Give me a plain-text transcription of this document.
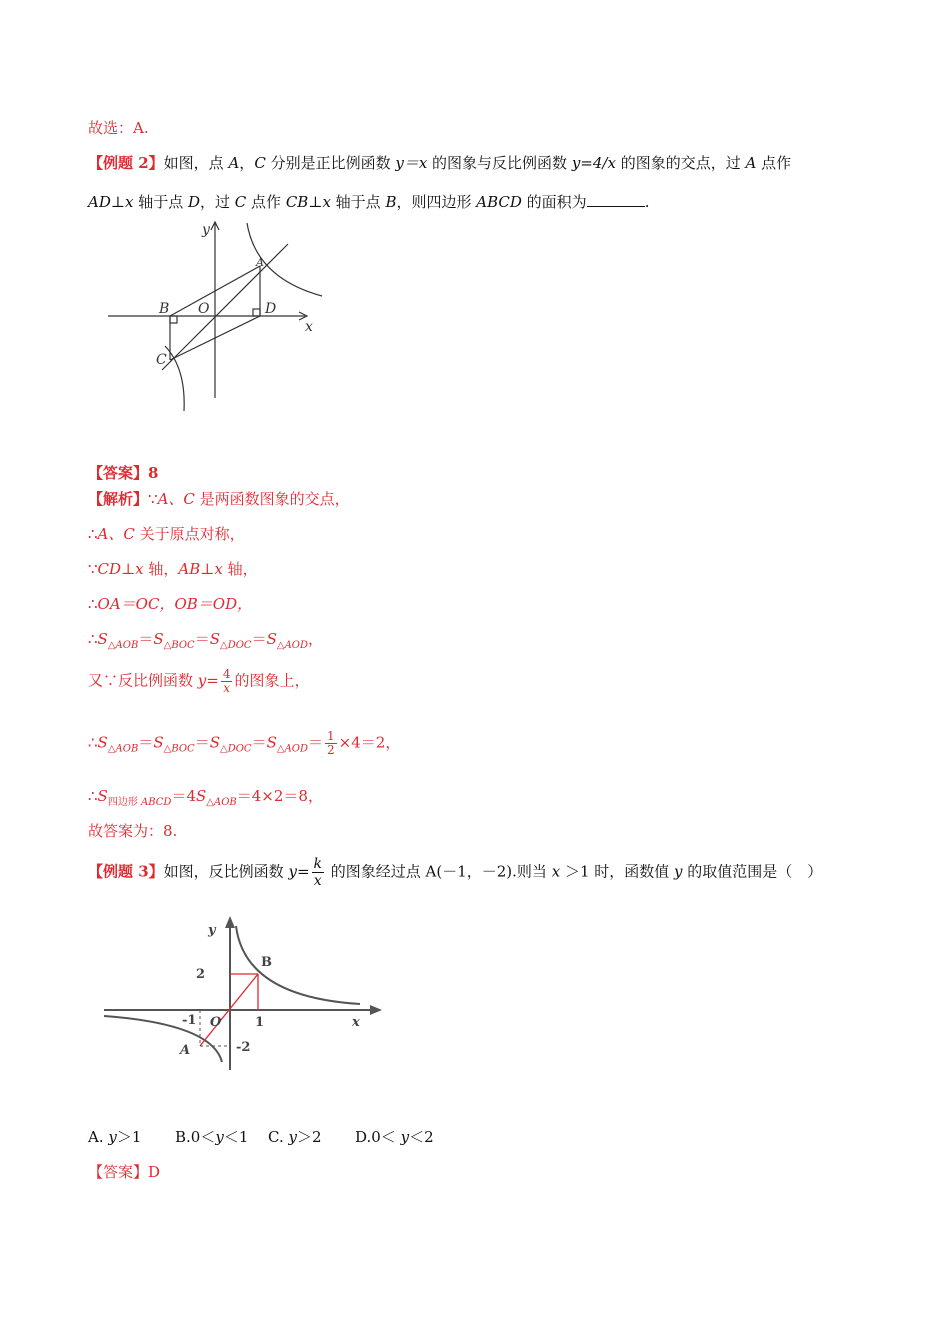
故选：A.
【例题 2】如图，点 A，C 分别是正比例函数 y＝x 的图象与反比例函数 y=4/x 的图象的交点，过 A 点作
AD⊥x 轴于点 D，过 C 点作 CB⊥x 轴于点 B，则四边形 ABCD 的面积为	.
y
x
O
A
B
C
D
【答案】8
【解析】∵A、C 是两函数图象的交点，
∴A、C 关于原点对称，
∵CD⊥x 轴，AB⊥x 轴，
∴OA＝OC，OB＝OD，
$\therefore S_{\triangle AOB}=S_{\triangle BOC}=S_{\triangle DOC}=S_{\triangle AOD}$，
又∵反比例函数 $y= \frac{4}{x}$ 的图象上，
$\therefore S_{\triangle AOB}=S_{\triangle BOC}=S_{\triangle DOC}=S_{\triangle AOD}= \frac{1}{2} \times 4=2$，
$\therefore S_{四边形 ABCD}=4S_{\triangle AOB}=4\times 2=8$，
故答案为：8.
【例题 3】如图，反比例函数 $y= \frac{k}{x}$ 的图象经过点 A(－1，－2).则当 x ＞1 时，函数值 y 的取值范围是（　）
y
x
O
B
A
2
1
-1
-2
A. y＞1 B.0＜y＜1 C. y＞2 D.0＜ y＜2
【答案】D
